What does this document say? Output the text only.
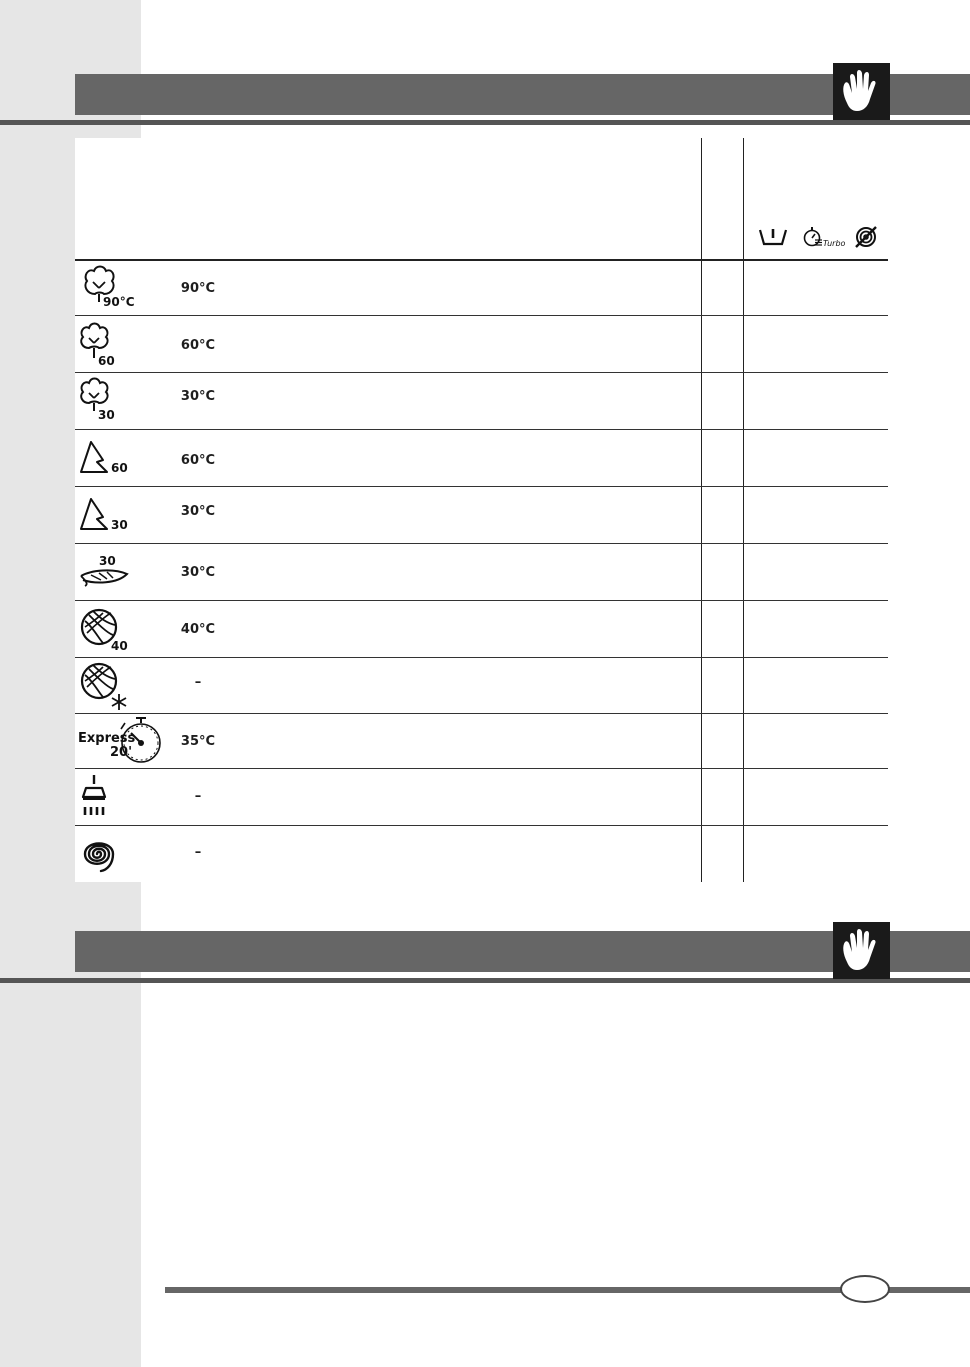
Turbo
90°C
90°C
60
60°C
30
30°C
60	60°C
30
30°C
30
30°C
40
40°C
–
Express
20'
35°C
–
–
